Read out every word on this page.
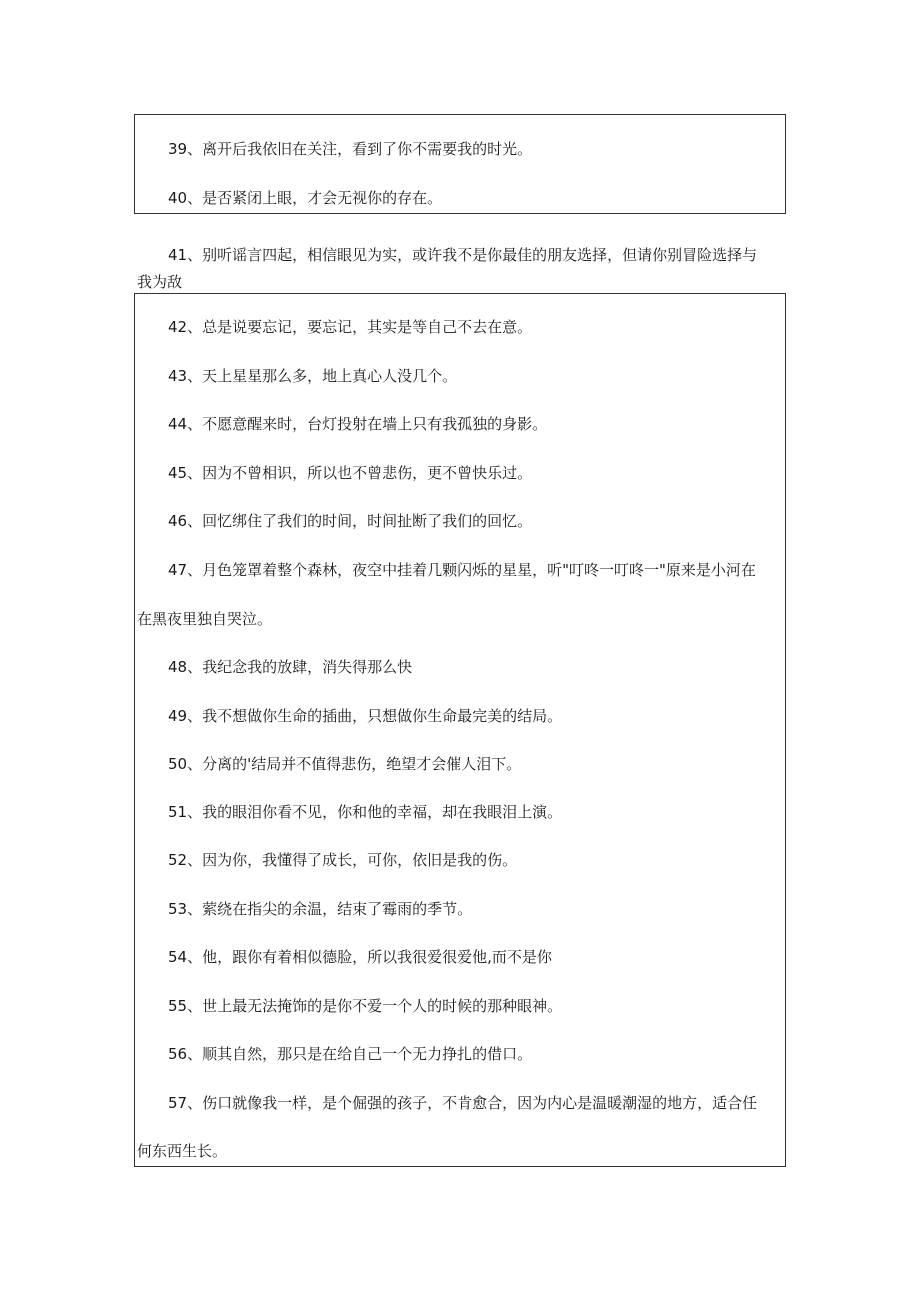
39、离开后我依旧在关注，看到了你不需要我的时光。
40、是否紧闭上眼，才会无视你的存在。
41、别听谣言四起，相信眼见为实，或许我不是你最佳的朋友选择，但请你别冒险选择与
我为敌
42、总是说要忘记，要忘记，其实是等自己不去在意。
43、天上星星那么多，地上真心人没几个。
44、不愿意醒来时，台灯投射在墙上只有我孤独的身影。
45、因为不曾相识，所以也不曾悲伤，更不曾快乐过。
46、回忆绑住了我们的时间，时间扯断了我们的回忆。
47、月色笼罩着整个森林，夜空中挂着几颗闪烁的星星，听"叮咚一叮咚一"原来是小河在
在黑夜里独自哭泣。
48、我纪念我的放肆，消失得那么快
49、我不想做你生命的插曲，只想做你生命最完美的结局。
50、分离的'结局并不值得悲伤，绝望才会催人泪下。
51、我的眼泪你看不见，你和他的幸福，却在我眼泪上演。
52、因为你，我懂得了成长，可你，依旧是我的伤。
53、萦绕在指尖的余温，结束了霉雨的季节。
54、他，跟你有着相似德脸，所以我很爱很爱他,而不是你
55、世上最无法掩饰的是你不爱一个人的时候的那种眼神。
56、顺其自然，那只是在给自己一个无力挣扎的借口。
57、伤口就像我一样，是个倔强的孩子，不肯愈合，因为内心是温暖潮湿的地方，适合任
何东西生长。
